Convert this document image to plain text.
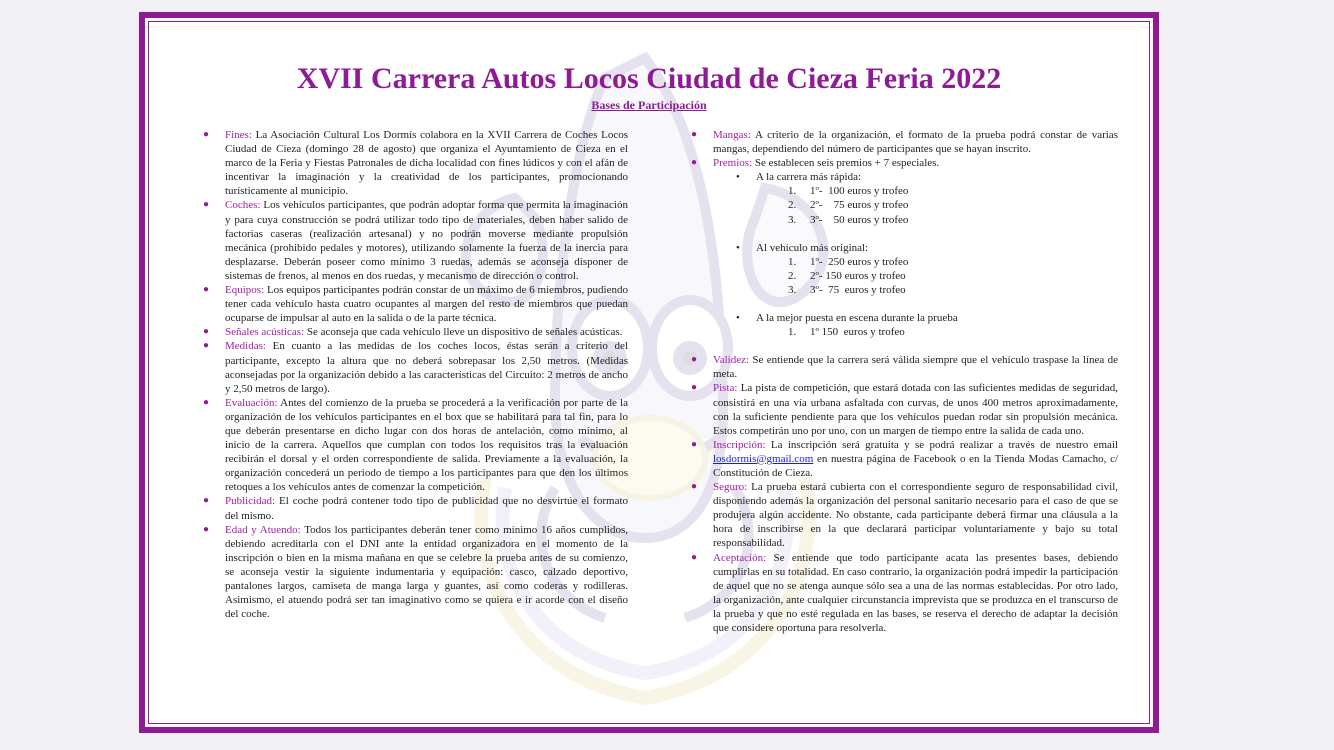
XVII Carrera Autos Locos Ciudad de Cieza Feria 2022
Bases de Participación

● Fines: La Asociación Cultural Los Dormís colabora en la XVII Carrera de Coches Locos Ciudad de Cieza (domingo 28 de agosto) que organiza el Ayuntamiento de Cieza en el marco de la Feria y Fiestas Patronales de dicha localidad con fines lúdicos y con el afán de incentivar la imaginación y la creatividad de los participantes, promocionando turísticamente al municipio.

● Coches: Los vehículos participantes, que podrán adoptar forma que permita la imaginación y para cuya construcción se podrá utilizar todo tipo de materiales, deben haber salido de factorías caseras (realización artesanal) y no podrán moverse mediante propulsión mecánica (prohibido pedales y motores), utilizando solamente la fuerza de la inercia para desplazarse. Deberán poseer como mínimo 3 ruedas, además se aconseja disponer de sistemas de frenos, al menos en dos ruedas, y mecanismo de dirección o control.

● Equipos: Los equipos participantes podrán constar de un máximo de 6 miembros, pudiendo tener cada vehículo hasta cuatro ocupantes al margen del resto de miembros que puedan ocuparse de impulsar al auto en la salida o de la parte técnica.

● Señales acústicas: Se aconseja que cada vehículo lleve un dispositivo de señales acústicas.

● Medidas: En cuanto a las medidas de los coches locos, éstas serán a criterio del participante, excepto la altura que no deberá sobrepasar los 2,50 metros. (Medidas aconsejadas por la organización debido a las características del Circuito: 2 metros de ancho y 2,50 metros de largo).

● Evaluación: Antes del comienzo de la prueba se procederá a la verificación por parte de la organización de los vehículos participantes en el box que se habilitará para tal fin, para lo que deberán presentarse en dicho lugar con dos horas de antelación, como mínimo, al inicio de la carrera. Aquellos que cumplan con todos los requisitos tras la evaluación recibirán el dorsal y el orden correspondiente de salida. Previamente a la evaluación, la organización concederá un periodo de tiempo a los participantes para que den los últimos retoques a los vehículos antes de comenzar la competición.

● Publicidad: El coche podrá contener todo tipo de publicidad que no desvirtúe el formato del mismo.

● Edad y Atuendo: Todos los participantes deberán tener como mínimo 16 años cumplidos, debiendo acreditarla con el DNI ante la entidad organizadora en el momento de la inscripción o bien en la misma mañana en que se celebre la prueba antes de su comienzo, se aconseja vestir la siguiente indumentaria y equipación: casco, calzado deportivo, pantalones largos, camiseta de manga larga y guantes, así como coderas y rodilleras. Asimismo, el atuendo podrá ser tan imaginativo como se quiera e ir acorde con el diseño del coche.

● Mangas: A criterio de la organización, el formato de la prueba podrá constar de varias mangas, dependiendo del número de participantes que se hayan inscrito.

● Premios: Se establecen seis premios + 7 especiales.

• A la carrera más rápida:
1. 1º-  100 euros y trofeo
2. 2º-    75 euros y trofeo
3. 3º-    50 euros y trofeo
• Al vehículo más original:
1. 1º-  250 euros y trofeo
2. 2º- 150 euros y trofeo
3. 3º-  75  euros y trofeo
• A la mejor puesta en escena durante la prueba
1. 1º 150  euros y trofeo

● Validez: Se entiende que la carrera será válida siempre que el vehículo traspase la línea de meta.

● Pista: La pista de competición, que estará dotada con las suficientes medidas de seguridad, consistirá en una vía urbana asfaltada con curvas, de unos 400 metros aproximadamente, con la suficiente pendiente para que los vehículos puedan rodar sin propulsión mecánica. Estos competirán uno por uno, con un margen de tiempo entre la salida de cada uno.

● Inscripción: La inscripción será gratuita y se podrá realizar a través de nuestro email losdormis@gmail.com en nuestra página de Facebook o en la Tienda Modas Camacho, c/ Constitución de Cieza.

● Seguro: La prueba estará cubierta con el correspondiente seguro de responsabilidad civil, disponiendo además la organización del personal sanitario necesario para el caso de que se produjera algún accidente. No obstante, cada participante deberá firmar una cláusula a la hora de inscribirse en la que declarará participar voluntariamente y bajo su total responsabilidad.

● Aceptación: Se entiende que todo participante acata las presentes bases, debiendo cumplirlas en su totalidad. En caso contrario, la organización podrá impedir la participación de aquel que no se atenga aunque sólo sea a una de las normas establecidas. Por otro lado, la organización, ante cualquier circunstancia imprevista que se produzca en el transcurso de la prueba y que no esté regulada en las bases, se reserva el derecho de adaptar la decisión que considere oportuna para resolverla.
